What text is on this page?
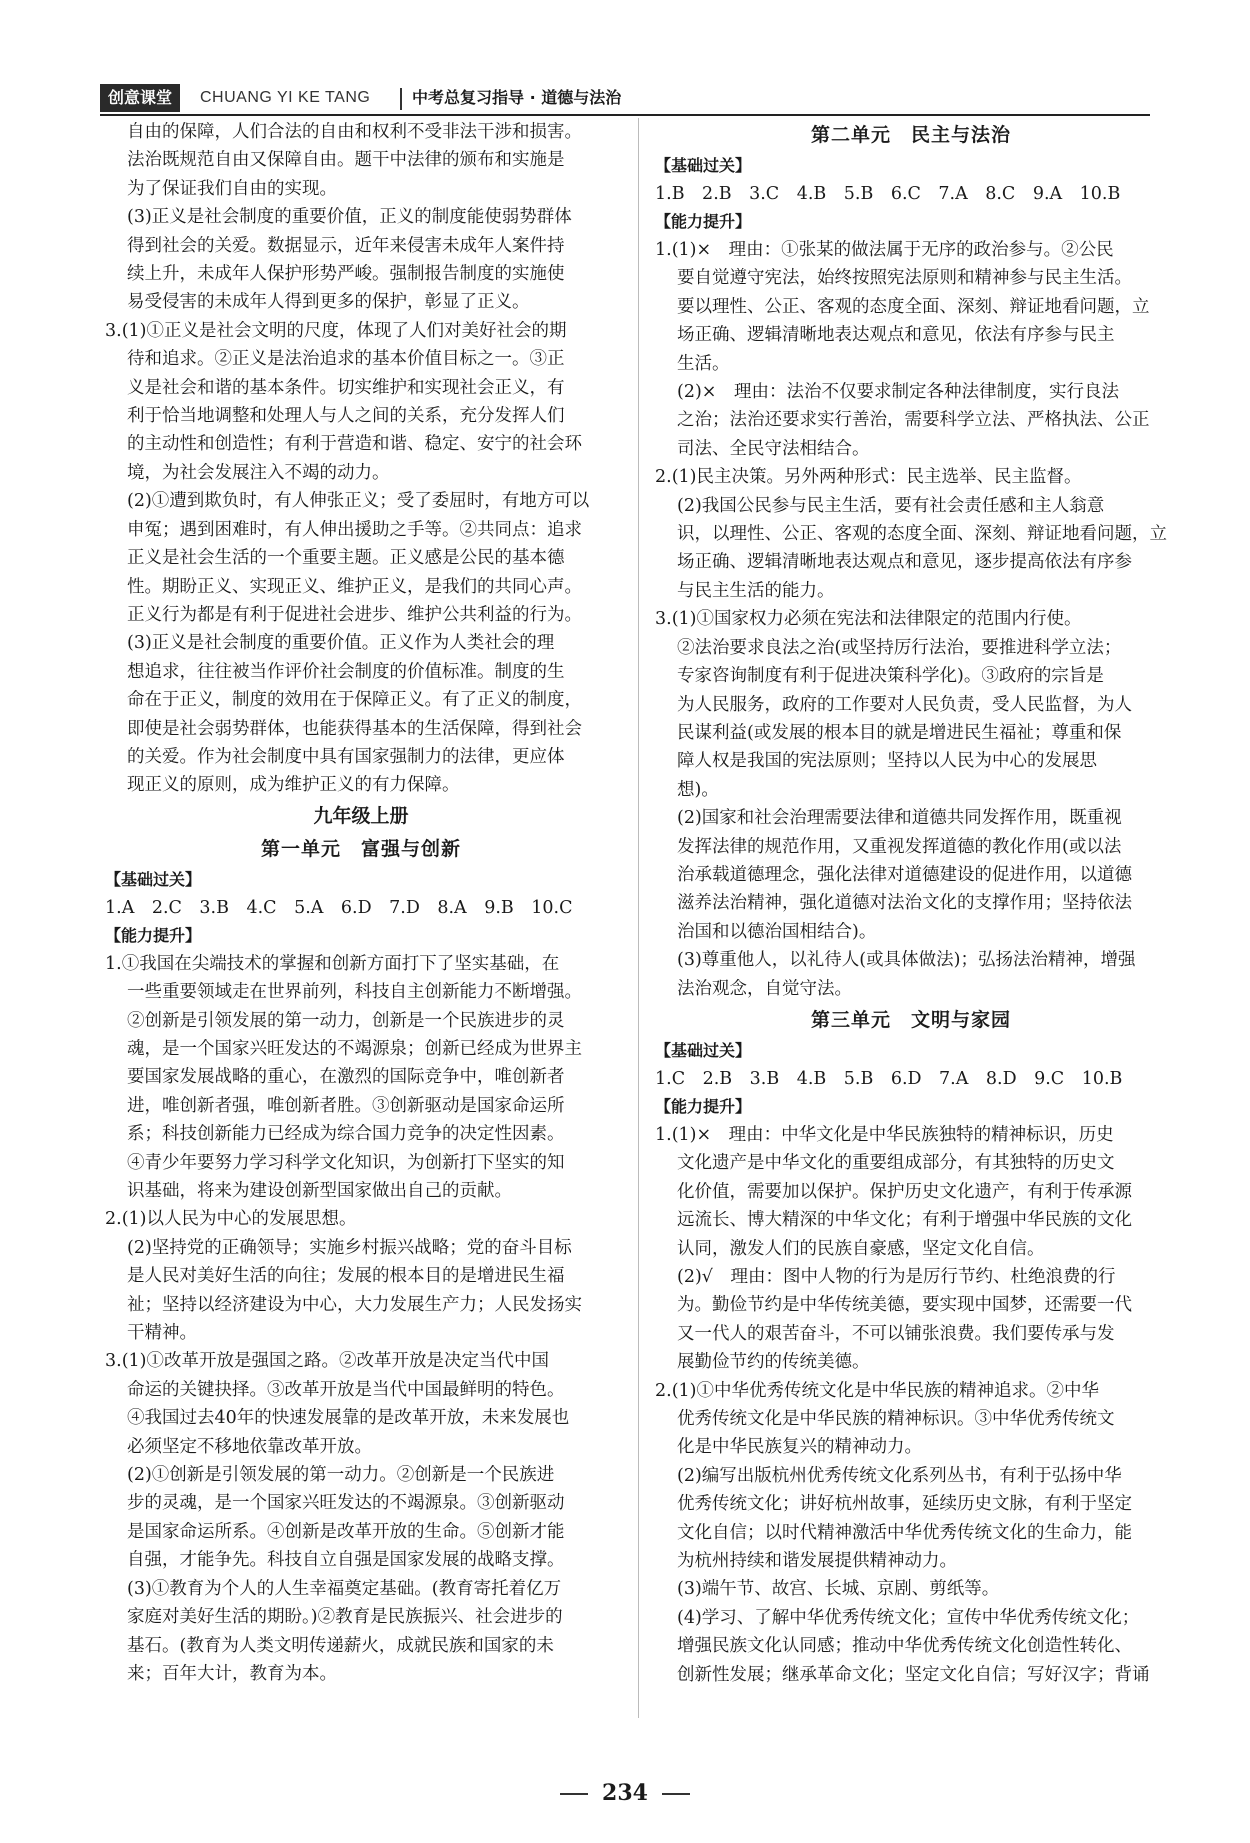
创意课堂	CHUANG YI KE TANG	中考总复习指导 · 道德与法治
自由的保障，人们合法的自由和权利不受非法干涉和损害。
法治既规范自由又保障自由。题干中法律的颁布和实施是
为了保证我们自由的实现。
(3)正义是社会制度的重要价值，正义的制度能使弱势群体
得到社会的关爱。数据显示，近年来侵害未成年人案件持
续上升，未成年人保护形势严峻。强制报告制度的实施使
易受侵害的未成年人得到更多的保护，彰显了正义。
3.(1)①正义是社会文明的尺度，体现了人们对美好社会的期
待和追求。②正义是法治追求的基本价值目标之一。③正
义是社会和谐的基本条件。切实维护和实现社会正义，有
利于恰当地调整和处理人与人之间的关系，充分发挥人们
的主动性和创造性；有利于营造和谐、稳定、安宁的社会环
境，为社会发展注入不竭的动力。
(2)①遭到欺负时，有人伸张正义；受了委屈时，有地方可以
申冤；遇到困难时，有人伸出援助之手等。②共同点：追求
正义是社会生活的一个重要主题。正义感是公民的基本德
性。期盼正义、实现正义、维护正义，是我们的共同心声。
正义行为都是有利于促进社会进步、维护公共利益的行为。
(3)正义是社会制度的重要价值。正义作为人类社会的理
想追求，往往被当作评价社会制度的价值标准。制度的生
命在于正义，制度的效用在于保障正义。有了正义的制度，
即使是社会弱势群体，也能获得基本的生活保障，得到社会
的关爱。作为社会制度中具有国家强制力的法律，更应体
现正义的原则，成为维护正义的有力保障。
九年级上册
第一单元　富强与创新
【基础过关】
1.A　2.C　3.B　4.C　5.A　6.D　7.D　8.A　9.B　10.C
【能力提升】
1.①我国在尖端技术的掌握和创新方面打下了坚实基础，在
一些重要领域走在世界前列，科技自主创新能力不断增强。
②创新是引领发展的第一动力，创新是一个民族进步的灵
魂，是一个国家兴旺发达的不竭源泉；创新已经成为世界主
要国家发展战略的重心，在激烈的国际竞争中，唯创新者
进，唯创新者强，唯创新者胜。③创新驱动是国家命运所
系；科技创新能力已经成为综合国力竞争的决定性因素。
④青少年要努力学习科学文化知识，为创新打下坚实的知
识基础，将来为建设创新型国家做出自己的贡献。
2.(1)以人民为中心的发展思想。
(2)坚持党的正确领导；实施乡村振兴战略；党的奋斗目标
是人民对美好生活的向往；发展的根本目的是增进民生福
祉；坚持以经济建设为中心，大力发展生产力；人民发扬实
干精神。
3.(1)①改革开放是强国之路。②改革开放是决定当代中国
命运的关键抉择。③改革开放是当代中国最鲜明的特色。
④我国过去40年的快速发展靠的是改革开放，未来发展也
必须坚定不移地依靠改革开放。
(2)①创新是引领发展的第一动力。②创新是一个民族进
步的灵魂，是一个国家兴旺发达的不竭源泉。③创新驱动
是国家命运所系。④创新是改革开放的生命。⑤创新才能
自强，才能争先。科技自立自强是国家发展的战略支撑。
(3)①教育为个人的人生幸福奠定基础。(教育寄托着亿万
家庭对美好生活的期盼。)②教育是民族振兴、社会进步的
基石。(教育为人类文明传递薪火，成就民族和国家的未
来；百年大计，教育为本。
第二单元　民主与法治
【基础过关】
1.B　2.B　3.C　4.B　5.B　6.C　7.A　8.C　9.A　10.B
【能力提升】
1.(1)×　理由：①张某的做法属于无序的政治参与。②公民
要自觉遵守宪法，始终按照宪法原则和精神参与民主生活。
要以理性、公正、客观的态度全面、深刻、辩证地看问题，立
场正确、逻辑清晰地表达观点和意见，依法有序参与民主
生活。
(2)×　理由：法治不仅要求制定各种法律制度，实行良法
之治；法治还要求实行善治，需要科学立法、严格执法、公正
司法、全民守法相结合。
2.(1)民主决策。另外两种形式：民主选举、民主监督。
(2)我国公民参与民主生活，要有社会责任感和主人翁意
识，以理性、公正、客观的态度全面、深刻、辩证地看问题，立
场正确、逻辑清晰地表达观点和意见，逐步提高依法有序参
与民主生活的能力。
3.(1)①国家权力必须在宪法和法律限定的范围内行使。
②法治要求良法之治(或坚持厉行法治，要推进科学立法；
专家咨询制度有利于促进决策科学化)。③政府的宗旨是
为人民服务，政府的工作要对人民负责，受人民监督，为人
民谋利益(或发展的根本目的就是增进民生福祉；尊重和保
障人权是我国的宪法原则；坚持以人民为中心的发展思
想)。
(2)国家和社会治理需要法律和道德共同发挥作用，既重视
发挥法律的规范作用，又重视发挥道德的教化作用(或以法
治承载道德理念，强化法律对道德建设的促进作用，以道德
滋养法治精神，强化道德对法治文化的支撑作用；坚持依法
治国和以德治国相结合)。
(3)尊重他人，以礼待人(或具体做法)；弘扬法治精神，增强
法治观念，自觉守法。
第三单元　文明与家园
【基础过关】
1.C　2.B　3.B　4.B　5.B　6.D　7.A　8.D　9.C　10.B
【能力提升】
1.(1)×　理由：中华文化是中华民族独特的精神标识，历史
文化遗产是中华文化的重要组成部分，有其独特的历史文
化价值，需要加以保护。保护历史文化遗产，有利于传承源
远流长、博大精深的中华文化；有利于增强中华民族的文化
认同，激发人们的民族自豪感，坚定文化自信。
(2)√　理由：图中人物的行为是厉行节约、杜绝浪费的行
为。勤俭节约是中华传统美德，要实现中国梦，还需要一代
又一代人的艰苦奋斗，不可以铺张浪费。我们要传承与发
展勤俭节约的传统美德。
2.(1)①中华优秀传统文化是中华民族的精神追求。②中华
优秀传统文化是中华民族的精神标识。③中华优秀传统文
化是中华民族复兴的精神动力。
(2)编写出版杭州优秀传统文化系列丛书，有利于弘扬中华
优秀传统文化；讲好杭州故事，延续历史文脉，有利于坚定
文化自信；以时代精神激活中华优秀传统文化的生命力，能
为杭州持续和谐发展提供精神动力。
(3)端午节、故宫、长城、京剧、剪纸等。
(4)学习、了解中华优秀传统文化；宣传中华优秀传统文化；
增强民族文化认同感；推动中华优秀传统文化创造性转化、
创新性发展；继承革命文化；坚定文化自信；写好汉字；背诵
234
